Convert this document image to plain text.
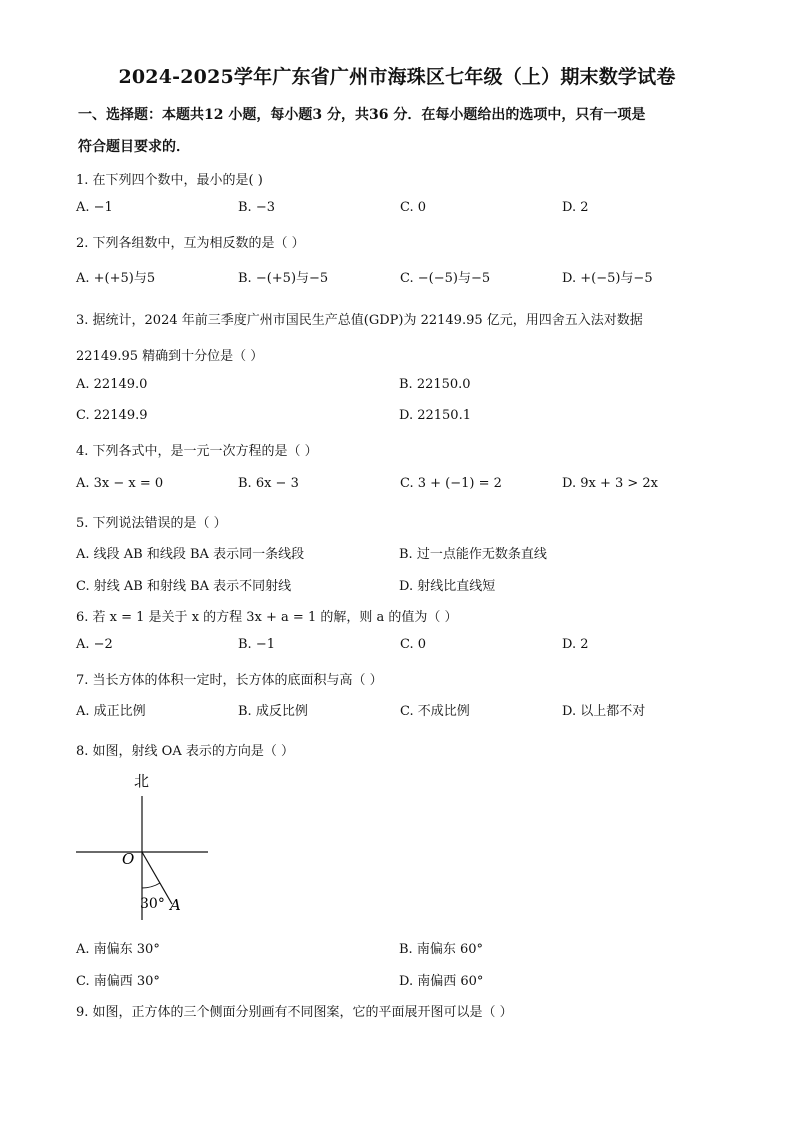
2024-2025学年广东省广州市海珠区七年级（上）期末数学试卷
一、选择题：本题共12 小题，每小题3 分，共36 分．在每小题给出的选项中，只有一项是
符合题目要求的．
1. 在下列四个数中，最小的是( )
A. −1	B. −3	C. 0	D. 2
2. 下列各组数中，互为相反数的是（ ）
A. +(+5)与5	B. −(+5)与−5	C. −(−5)与−5	D. +(−5)与−5
3. 据统计，2024 年前三季度广州市国民生产总值(GDP)为 22149.95 亿元，用四舍五入法对数据
22149.95 精确到十分位是（ ）
A. 22149.0	B. 22150.0
C. 22149.9	D. 22150.1
4. 下列各式中，是一元一次方程的是（ ）
A. 3x − x = 0	B. 6x − 3	C. 3 + (−1) = 2	D. 9x + 3 > 2x
5. 下列说法错误的是（ ）
A. 线段 AB 和线段 BA 表示同一条线段	B. 过一点能作无数条直线
C. 射线 AB 和射线 BA 表示不同射线	D. 射线比直线短
6. 若 x = 1 是关于 x 的方程 3x + a = 1 的解，则 a 的值为（ ）
A. −2	B. −1	C. 0	D. 2
7. 当长方体的体积一定时，长方体的底面积与高（ ）
A. 成正比例	B. 成反比例	C. 不成比例	D. 以上都不对
8. 如图，射线 OA 表示的方向是（ ）
北
O
30° A
A. 南偏东 30°	B. 南偏东 60°
C. 南偏西 30°	D. 南偏西 60°
9. 如图，正方体的三个侧面分别画有不同图案，它的平面展开图可以是（ ）
